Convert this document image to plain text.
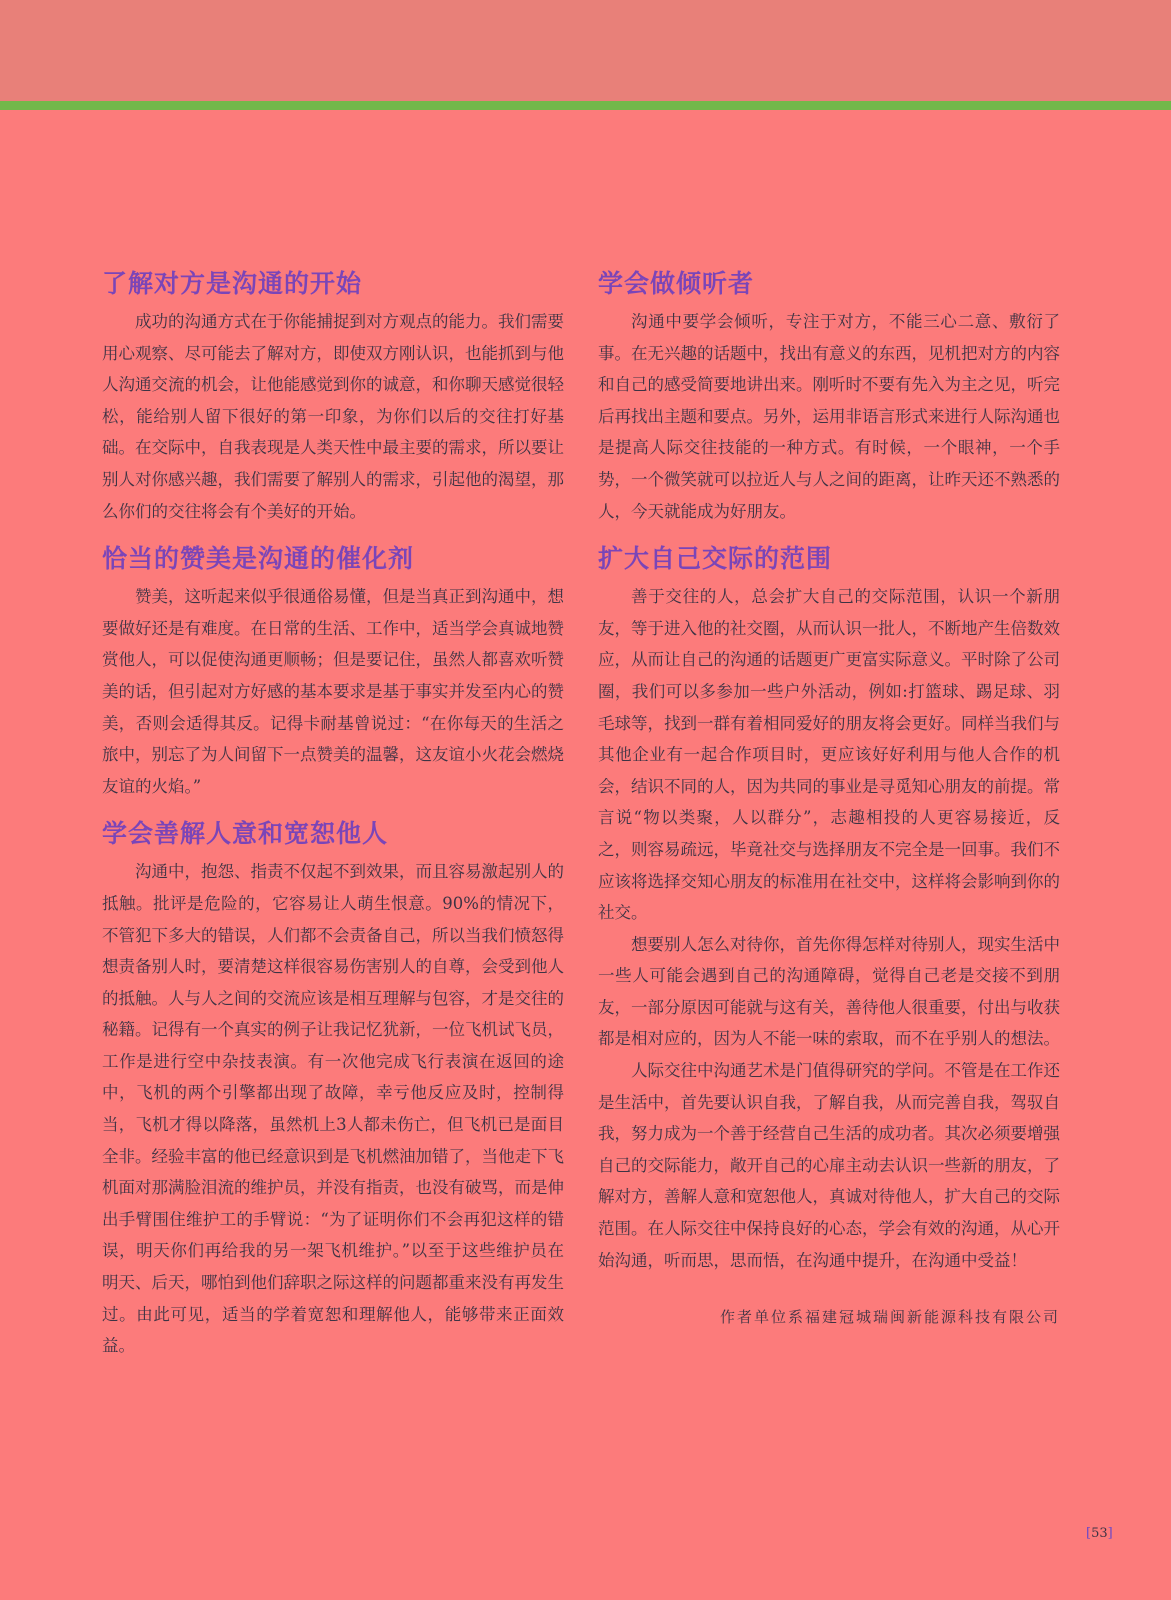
了解对方是沟通的开始

成功的沟通方式在于你能捕捉到对方观点的能力。我们需要用心观察、尽可能去了解对方，即使双方刚认识，也能抓到与他人沟通交流的机会，让他能感觉到你的诚意，和你聊天感觉很轻松，能给别人留下很好的第一印象，为你们以后的交往打好基础。在交际中，自我表现是人类天性中最主要的需求，所以要让别人对你感兴趣，我们需要了解别人的需求，引起他的渴望，那么你们的交往将会有个美好的开始。

恰当的赞美是沟通的催化剂

赞美，这听起来似乎很通俗易懂，但是当真正到沟通中，想要做好还是有难度。在日常的生活、工作中，适当学会真诚地赞赏他人，可以促使沟通更顺畅；但是要记住，虽然人都喜欢听赞美的话，但引起对方好感的基本要求是基于事实并发至内心的赞美，否则会适得其反。记得卡耐基曾说过：“在你每天的生活之旅中，别忘了为人间留下一点赞美的温馨，这友谊小火花会燃烧友谊的火焰。”

学会善解人意和宽恕他人

沟通中，抱怨、指责不仅起不到效果，而且容易激起别人的抵触。批评是危险的，它容易让人萌生恨意。90%的情况下，不管犯下多大的错误，人们都不会责备自己，所以当我们愤怒得想责备别人时，要清楚这样很容易伤害别人的自尊，会受到他人的抵触。人与人之间的交流应该是相互理解与包容，才是交往的秘籍。记得有一个真实的例子让我记忆犹新，一位飞机试飞员，工作是进行空中杂技表演。有一次他完成飞行表演在返回的途中，飞机的两个引擎都出现了故障，幸亏他反应及时，控制得当，飞机才得以降落，虽然机上3人都未伤亡，但飞机已是面目全非。经验丰富的他已经意识到是飞机燃油加错了，当他走下飞机面对那满脸泪流的维护员，并没有指责，也没有破骂，而是伸出手臂围住维护工的手臂说：“为了证明你们不会再犯这样的错误，明天你们再给我的另一架飞机维护。”以至于这些维护员在明天、后天，哪怕到他们辞职之际这样的问题都重来没有再发生过。由此可见，适当的学着宽恕和理解他人，能够带来正面效益。

学会做倾听者

沟通中要学会倾听，专注于对方，不能三心二意、敷衍了事。在无兴趣的话题中，找出有意义的东西，见机把对方的内容和自己的感受简要地讲出来。刚听时不要有先入为主之见，听完后再找出主题和要点。另外，运用非语言形式来进行人际沟通也是提高人际交往技能的一种方式。有时候，一个眼神，一个手势，一个微笑就可以拉近人与人之间的距离，让昨天还不熟悉的人，今天就能成为好朋友。

扩大自己交际的范围

善于交往的人，总会扩大自己的交际范围，认识一个新朋友，等于进入他的社交圈，从而认识一批人，不断地产生倍数效应，从而让自己的沟通的话题更广更富实际意义。平时除了公司圈，我们可以多参加一些户外活动，例如:打篮球、踢足球、羽毛球等，找到一群有着相同爱好的朋友将会更好。同样当我们与其他企业有一起合作项目时，更应该好好利用与他人合作的机会，结识不同的人，因为共同的事业是寻觅知心朋友的前提。常言说“物以类聚，人以群分”，志趣相投的人更容易接近，反之，则容易疏远，毕竟社交与选择朋友不完全是一回事。我们不应该将选择交知心朋友的标准用在社交中，这样将会影响到你的社交。

想要别人怎么对待你，首先你得怎样对待别人，现实生活中一些人可能会遇到自己的沟通障碍，觉得自己老是交接不到朋友，一部分原因可能就与这有关，善待他人很重要，付出与收获都是相对应的，因为人不能一味的索取，而不在乎别人的想法。

人际交往中沟通艺术是门值得研究的学问。不管是在工作还是生活中，首先要认识自我，了解自我，从而完善自我，驾驭自我，努力成为一个善于经营自己生活的成功者。其次必须要增强自己的交际能力，敞开自己的心扉主动去认识一些新的朋友，了解对方，善解人意和宽恕他人，真诚对待他人，扩大自己的交际范围。在人际交往中保持良好的心态，学会有效的沟通，从心开始沟通，听而思，思而悟，在沟通中提升，在沟通中受益！

作者单位系福建冠城瑞闽新能源科技有限公司
[53]
